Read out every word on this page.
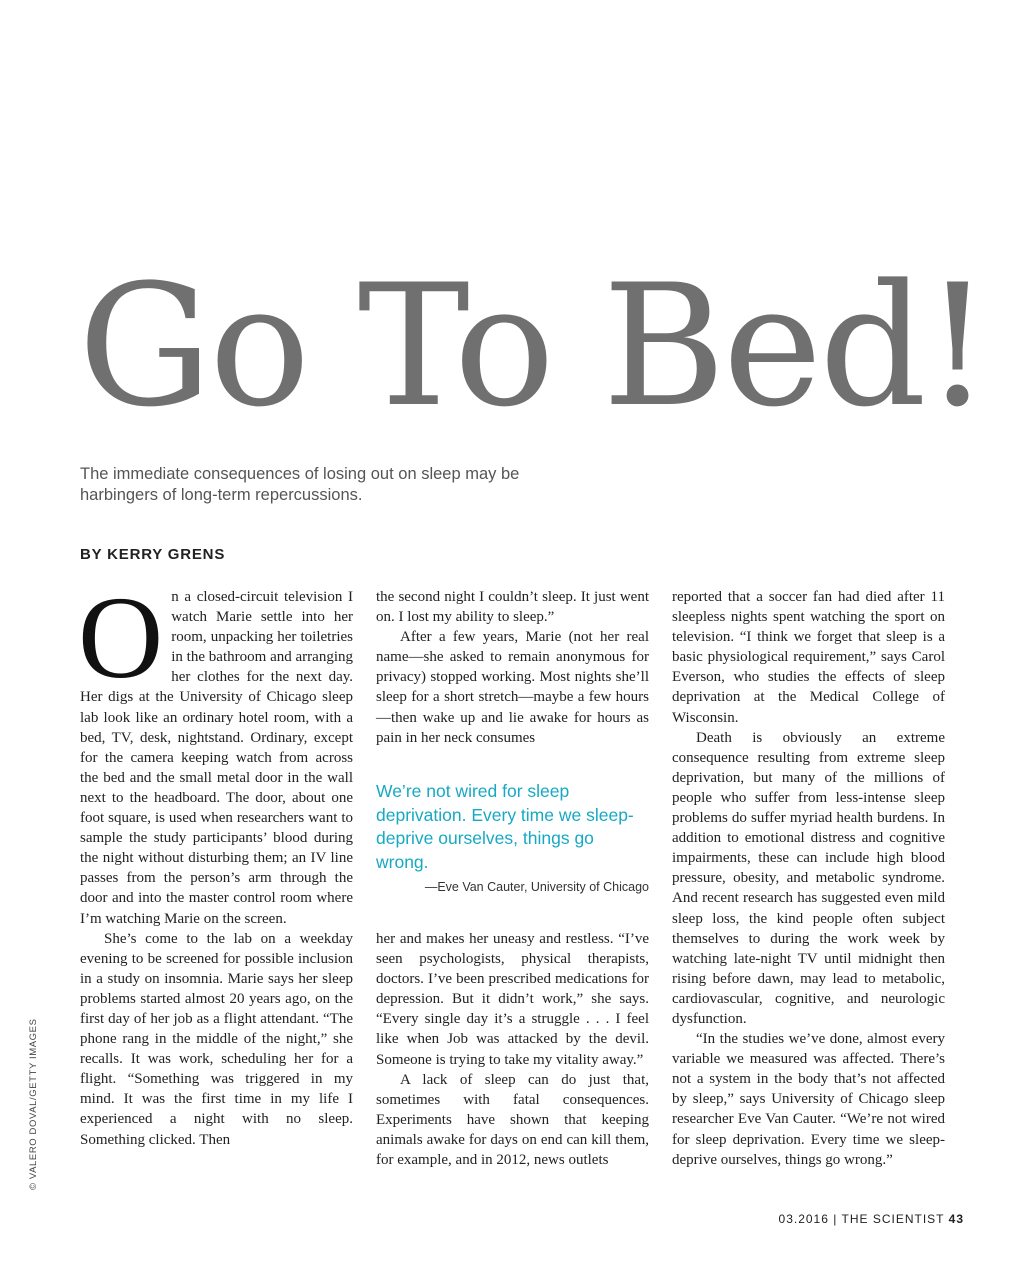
Go To Bed!

The immediate consequences of losing out on sleep may be harbingers of long-term repercussions.

BY KERRY GRENS

On a closed-circuit television I watch Marie settle into her room, unpacking her toiletries in the bathroom and arranging her clothes for the next day. Her digs at the University of Chicago sleep lab look like an ordinary hotel room, with a bed, TV, desk, nightstand. Ordinary, except for the camera keeping watch from across the bed and the small metal door in the wall next to the headboard. The door, about one foot square, is used when researchers want to sample the study participants’ blood during the night without disturbing them; an IV line passes from the person’s arm through the door and into the master control room where I’m watching Marie on the screen.

She’s come to the lab on a weekday evening to be screened for possible inclusion in a study on insomnia. Marie says her sleep problems started almost 20 years ago, on the first day of her job as a flight attendant. “The phone rang in the middle of the night,” she recalls. It was work, scheduling her for a flight. “Something was triggered in my mind. It was the first time in my life I experienced a night with no sleep. Something clicked. Then

the second night I couldn’t sleep. It just went on. I lost my ability to sleep.”

After a few years, Marie (not her real name—she asked to remain anonymous for privacy) stopped working. Most nights she’ll sleep for a short stretch—maybe a few hours—then wake up and lie awake for hours as pain in her neck consumes

We’re not wired for sleep deprivation. Every time we sleep-deprive ourselves, things go wrong.

—Eve Van Cauter, University of Chicago

her and makes her uneasy and restless. “I’ve seen psychologists, physical therapists, doctors. I’ve been prescribed medications for depression. But it didn’t work,” she says. “Every single day it’s a struggle . . . I feel like when Job was attacked by the devil. Someone is trying to take my vitality away.”

A lack of sleep can do just that, sometimes with fatal consequences. Experiments have shown that keeping animals awake for days on end can kill them, for example, and in 2012, news outlets

reported that a soccer fan had died after 11 sleepless nights spent watching the sport on television. “I think we forget that sleep is a basic physiological requirement,” says Carol Everson, who studies the effects of sleep deprivation at the Medical College of Wisconsin.

Death is obviously an extreme consequence resulting from extreme sleep deprivation, but many of the millions of people who suffer from less-intense sleep problems do suffer myriad health burdens. In addition to emotional distress and cognitive impairments, these can include high blood pressure, obesity, and metabolic syndrome. And recent research has suggested even mild sleep loss, the kind people often subject themselves to during the work week by watching late-night TV until midnight then rising before dawn, may lead to metabolic, cardiovascular, cognitive, and neurologic dysfunction.

“In the studies we’ve done, almost every variable we measured was affected. There’s not a system in the body that’s not affected by sleep,” says University of Chicago sleep researcher Eve Van Cauter. “We’re not wired for sleep deprivation. Every time we sleep-deprive ourselves, things go wrong.”

© VALERO DOVAL/GETTY IMAGES
03.2016 | THE SCIENTIST 43
